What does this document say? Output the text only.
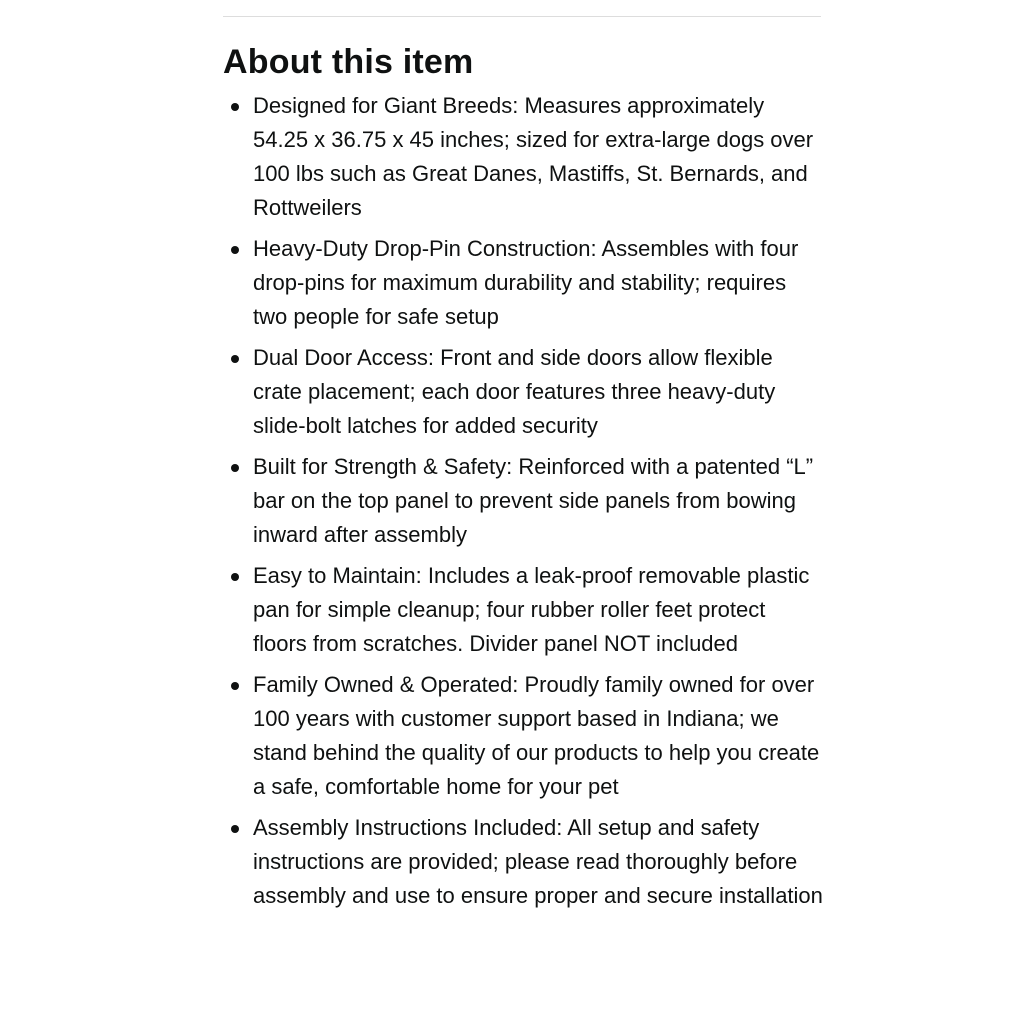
About this item
Designed for Giant Breeds: Measures approximately 54.25 x 36.75 x 45 inches; sized for extra-large dogs over 100 lbs such as Great Danes, Mastiffs, St. Bernards, and Rottweilers
Heavy-Duty Drop-Pin Construction: Assembles with four drop-pins for maximum durability and stability; requires two people for safe setup
Dual Door Access: Front and side doors allow flexible crate placement; each door features three heavy-duty slide-bolt latches for added security
Built for Strength & Safety: Reinforced with a patented “L” bar on the top panel to prevent side panels from bowing inward after assembly
Easy to Maintain: Includes a leak-proof removable plastic pan for simple cleanup; four rubber roller feet protect floors from scratches. Divider panel NOT included
Family Owned & Operated: Proudly family owned for over 100 years with customer support based in Indiana; we stand behind the quality of our products to help you create a safe, comfortable home for your pet
Assembly Instructions Included: All setup and safety instructions are provided; please read thoroughly before assembly and use to ensure proper and secure installation
